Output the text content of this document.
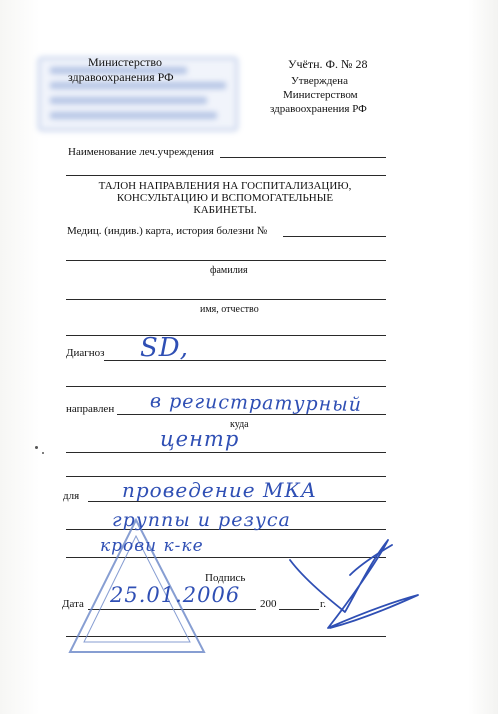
Министерство
здравоохранения РФ
Учётн. Ф. № 28
Утверждена
Министерством
здравоохранения РФ
Наименование леч.учреждения
ТАЛОН НАПРАВЛЕНИЯ НА ГОСПИТАЛИЗАЦИЮ,
КОНСУЛЬТАЦИЮ И ВСПОМОГАТЕЛЬНЫЕ
КАБИНЕТЫ.
Медиц. (индив.) карта, история болезни №
фамилия
имя, отчество
Диагноз
направлен
куда
для
Подпись
Дата	200	г.
SD,
в регистратурный
центр
проведение МКА
группы и резуса
крови к-ке
25.01.2006
